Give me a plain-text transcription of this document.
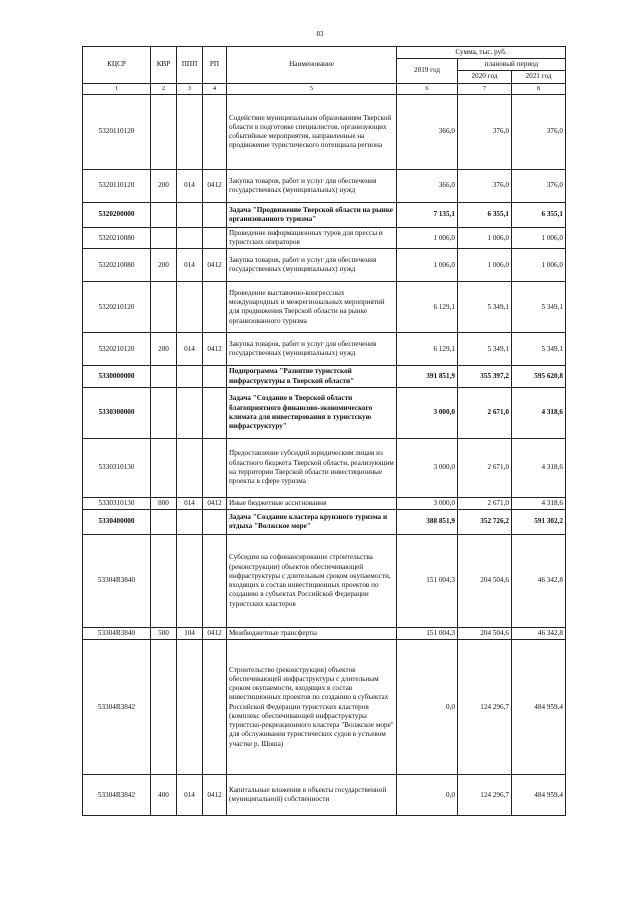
83
КЦСР	КВР	ППП	РП	Наименование	Сумма, тыс. руб.		
					2019 год	плановый период	
						2020 год	2021 год
1	2	3	4	5	6	7	8
5320110120				Содействие муниципальным образованиям Тверской области в подготовке специалистов, организующих событийные мероприятия, направленные на продвижение туристического потенциала региона	366,0	376,0	376,0
5320110120	200	014	0412	Закупка товаров, работ и услуг для обеспечения государственных (муниципальных) нужд	366,0	376,0	376,0
5320200000				Задача "Продвижение Тверской области на рынке организованного туризма"	7 135,1	6 355,1	6 355,1
5320210080				Проведение информационных туров для прессы и туристских операторов	1 006,0	1 006,0	1 006,0
5320210080	200	014	0412	Закупка товаров, работ и услуг для обеспечения государственных (муниципальных) нужд	1 006,0	1 006,0	1 006,0
5320210120				Проведение выставочно-конгрессных международных и межрегиональных мероприятий для продвижения Тверской области на рынке организованного туризма	6 129,1	5 349,1	5 349,1
5320210120	200	014	0412	Закупка товаров, работ и услуг для обеспечения государственных (муниципальных) нужд	6 129,1	5 349,1	5 349,1
5330000000				Подпрограмма "Развитие туристской инфраструктуры в Тверской области"	391 851,9	355 397,2	595 620,8
5330300000				Задача "Создание в Тверской области благоприятного финансово-экономического климата для инвестирования в туристскую инфраструктуру"	3 000,0	2 671,0	4 318,6
5330310130				Предоставление субсидий юридическим лицам из областного бюджета Тверской области, реализующим на территории Тверской области инвестиционные проекты в сфере туризма	3 000,0	2 671,0	4 318,6
5330310130	800	014	0412	Иные бюджетные ассигнования	3 000,0	2 671,0	4 318,6
5330400000				Задача "Создание кластера круизного туризма и отдыха "Волжское море"	388 851,9	352 726,2	591 302,2
53304R3840				Субсидии на софинансирование строительства (реконструкции) объектов обеспечивающей инфраструктуры с длительным сроком окупаемости, входящих в состав инвестиционных проектов по созданию в субъектах Российской Федерации туристских кластеров	151 004,3	204 504,6	46 342,8
53304R3840	500	104	0412	Межбюджетные трансферты	151 004,3	204 504,6	46 342,8
53304R3842				Строительство (реконструкция) объектов обеспечивающей инфраструктуры с длительным сроком окупаемости, входящих в состав инвестиционных проектов по созданию в субъектах Российской Федерации туристских кластеров (комплекс обеспечивающей инфраструктуры туристско-рекреационного кластера "Волжское море" для обслуживания туристических судов в устьевом участке р. Шоша)	0,0	124 296,7	484 959,4
53304R3842	400	014	0412	Капитальные вложения в объекты государственной (муниципальной) собственности	0,0	124 296,7	484 959,4
